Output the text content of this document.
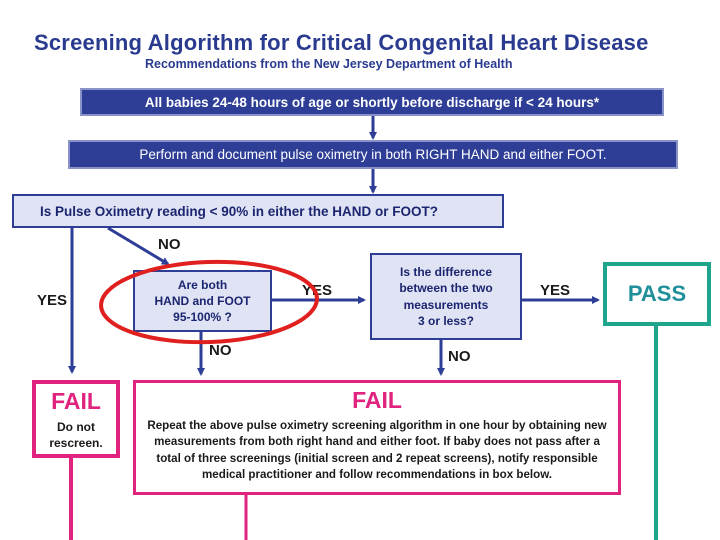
Screening Algorithm for Critical Congenital Heart Disease
Recommendations from the New Jersey Department of Health
All babies 24-48 hours of age or shortly before discharge if < 24 hours*
Perform and document pulse oximetry in both RIGHT HAND and either FOOT.
Is Pulse Oximetry reading < 90% in either the HAND or FOOT?
Are both
HAND and FOOT
95-100% ?
Is the difference
between the two
measurements
3 or less?
YES
NO
YES
NO
YES
NO
PASS
FAIL
Do not
rescreen.
FAIL
Repeat the above pulse oximetry screening algorithm in one hour by obtaining new measurements from both right hand and either foot. If baby does not pass after a total of three screenings (initial screen and 2 repeat screens), notify responsible medical practitioner and follow recommendations in box below.
